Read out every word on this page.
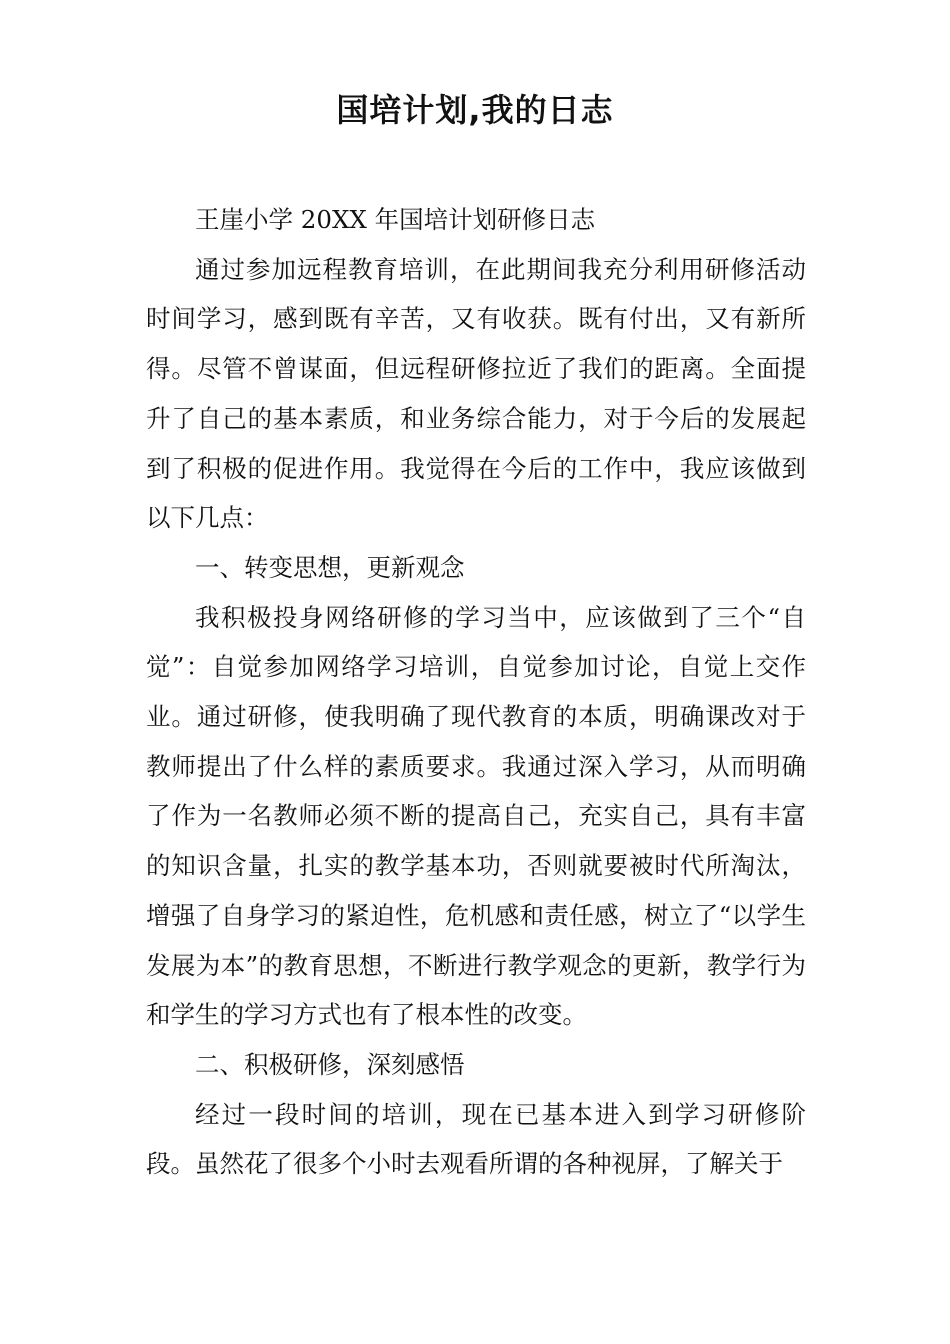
国培计划,我的日志

王崖小学 20XX 年国培计划研修日志

通过参加远程教育培训，在此期间我充分利用研修活动时间学习，感到既有辛苦，又有收获。既有付出，又有新所得。尽管不曾谋面，但远程研修拉近了我们的距离。全面提升了自己的基本素质，和业务综合能力，对于今后的发展起到了积极的促进作用。我觉得在今后的工作中，我应该做到以下几点：

一、转变思想，更新观念

我积极投身网络研修的学习当中，应该做到了三个“自觉”：自觉参加网络学习培训，自觉参加讨论，自觉上交作业。通过研修，使我明确了现代教育的本质，明确课改对于教师提出了什么样的素质要求。我通过深入学习，从而明确了作为一名教师必须不断的提高自己，充实自己，具有丰富的知识含量，扎实的教学基本功，否则就要被时代所淘汰，增强了自身学习的紧迫性，危机感和责任感，树立了“以学生发展为本”的教育思想，不断进行教学观念的更新，教学行为和学生的学习方式也有了根本性的改变。

二、积极研修，深刻感悟

经过一段时间的培训，现在已基本进入到学习研修阶段。虽然花了很多个小时去观看所谓的各种视屏，了解关于
